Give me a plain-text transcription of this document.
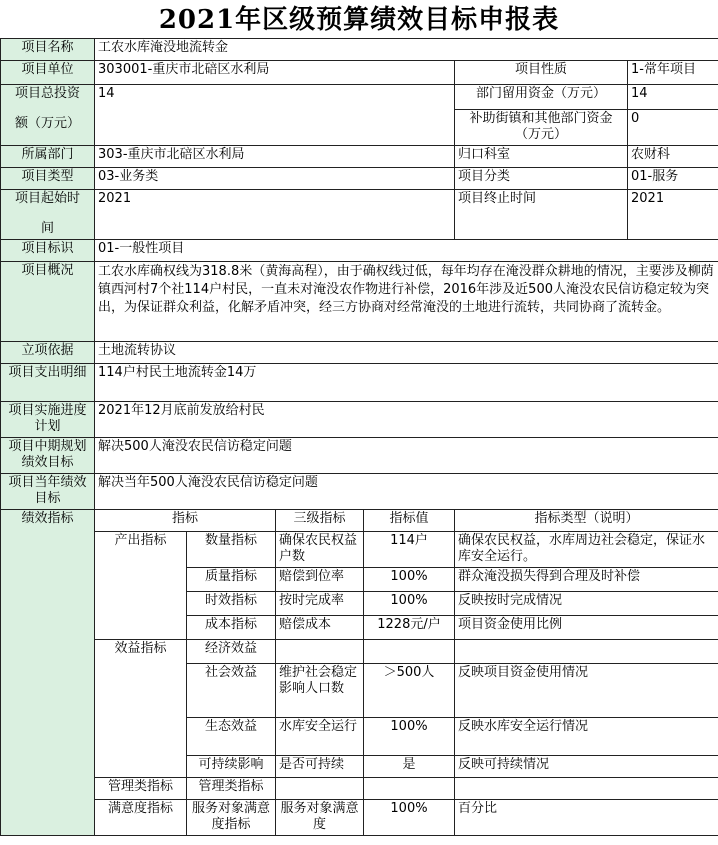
2021年区级预算绩效目标申报表
项目名称	工农水库淹没地流转金					
项目单位	303001-重庆市北碚区水利局				项目性质	1-常年项目

项目总投资
额（万元）	14				部门留用资金（万元）	14
					补助街镇和其他部门资金（万元）	0
所属部门	303-重庆市北碚区水利局				归口科室	农财科
项目类型	03-业务类				项目分类	01-服务

项目起始时
间	2021				项目终止时间	2021
项目标识	01-一般性项目					
项目概况	工农水库确权线为318.8米（黄海高程），由于确权线过低，每年均存在淹没群众耕地的情况，主要涉及柳荫镇西河村7个社114户村民，一直未对淹没农作物进行补偿，2016年涉及近500人淹没农民信访稳定较为突出，为保证群众利益，化解矛盾冲突，经三方协商对经常淹没的土地进行流转，共同协商了流转金。					
立项依据	土地流转协议					
项目支出明细	114户村民土地流转金14万					
项目实施进度计划	2021年12月底前发放给村民					
项目中期规划绩效目标	解决500人淹没农民信访稳定问题					
项目当年绩效目标	解决当年500人淹没农民信访稳定问题					
绩效指标	指标		三级指标	指标值	指标类型（说明）	
	产出指标	数量指标	确保农民权益户数	114户	确保农民权益，水库周边社会稳定，保证水库安全运行。	
		质量指标	赔偿到位率	100%	群众淹没损失得到合理及时补偿	
		时效指标	按时完成率	100%	反映按时完成情况	
		成本指标	赔偿成本	1228元/户	项目资金使用比例	
	效益指标	经济效益				
		社会效益	维护社会稳定影响人口数	＞500人	反映项目资金使用情况	
		生态效益	水库安全运行	100%	反映水库安全运行情况	
		可持续影响	是否可持续	是	反映可持续情况	
	管理类指标	管理类指标				
	满意度指标	服务对象满意度指标	服务对象满意度	100%	百分比	
